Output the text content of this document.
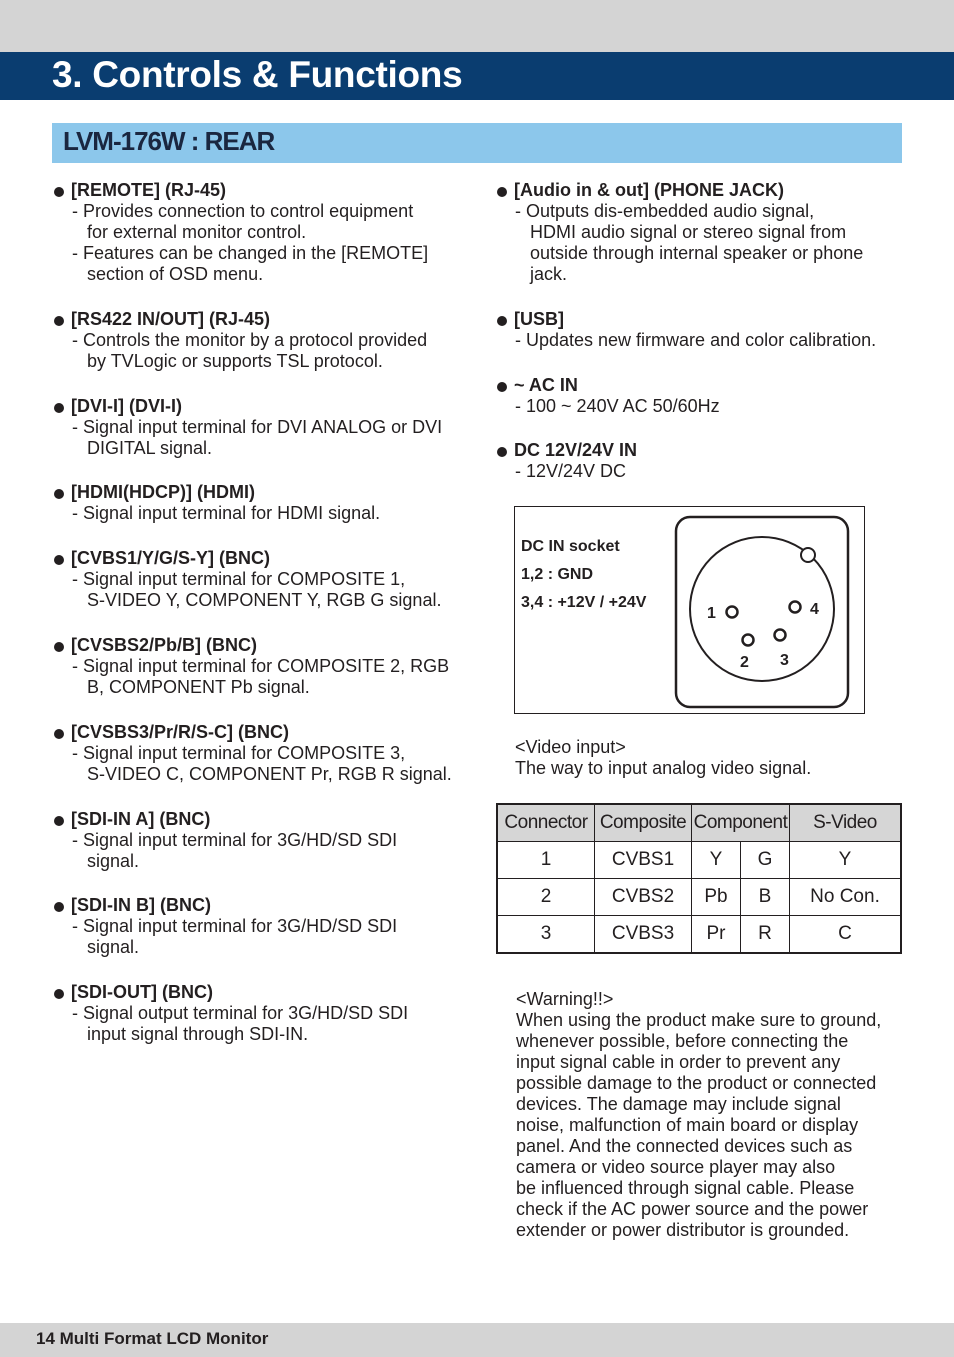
3. Controls & Functions
LVM-176W : REAR
[REMOTE] (RJ-45)
- Provides connection to control equipment
for external monitor control.
- Features can be changed in the [REMOTE]
section of OSD menu.
[RS422 IN/OUT] (RJ-45)
- Controls the monitor by a protocol provided
by TVLogic or supports TSL protocol.
[DVI-I] (DVI-I)
- Signal input terminal for DVI ANALOG or DVI
DIGITAL signal.
[HDMI(HDCP)] (HDMI)
- Signal input terminal for HDMI signal.
[CVBS1/Y/G/S-Y] (BNC)
- Signal input terminal for COMPOSITE 1,
S-VIDEO Y, COMPONENT Y, RGB G signal.
[CVSBS2/Pb/B] (BNC)
- Signal input terminal for COMPOSITE 2, RGB
B, COMPONENT Pb signal.
[CVSBS3/Pr/R/S-C] (BNC)
- Signal input terminal for COMPOSITE 3,
S-VIDEO C, COMPONENT Pr, RGB R signal.
[SDI-IN A] (BNC)
- Signal input terminal for 3G/HD/SD SDI
signal.
[SDI-IN B] (BNC)
- Signal input terminal for 3G/HD/SD SDI
signal.
[SDI-OUT] (BNC)
- Signal output terminal for 3G/HD/SD SDI
input signal through SDI-IN.
[Audio in & out] (PHONE JACK)
- Outputs dis-embedded audio signal,
HDMI audio signal or stereo signal from
outside through internal speaker or phone
jack.
[USB]
- Updates new firmware and color calibration.
~ AC IN
- 100 ~ 240V AC 50/60Hz
DC 12V/24V IN
- 12V/24V DC
DC IN socket
1,2 : GND
3,4 : +12V / +24V
1
2 3
4
<Video input>
The way to input analog video signal.
Connector	Composite	Component		S-Video
1	CVBS1	Y	G	Y
2	CVBS2	Pb	B	No Con.
3	CVBS3	Pr	R	C
<Warning!!>
When using the product make sure to ground,
whenever possible, before connecting the
input signal cable in order to prevent any
possible damage to the product or connected
devices. The damage may include signal
noise, malfunction of main board or display
panel. And the connected devices such as
camera or video source player may also
be influenced through signal cable. Please
check if the AC power source and the power
extender or power distributor is grounded.
14 Multi Format LCD Monitor
